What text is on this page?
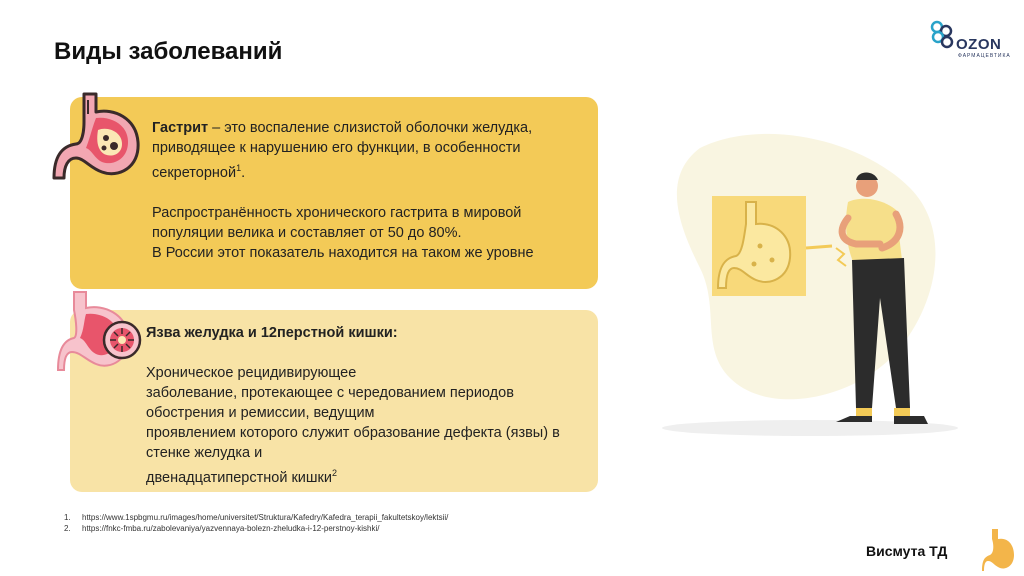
Виды заболеваний	OZON
ФАРМАЦЕВТИКА
Гастрит – это воспаление слизистой оболочки желудка, приводящее к нарушению его функции, в особенности секреторной$^1$.
Распространённость хронического гастрита в мировой популяции велика и составляет от 50 до 80%.
В России этот показатель находится на таком же уровне
Язва желудка и 12перстной кишки:
Хроническое рецидивирующее
заболевание, протекающее с чередованием периодов
обострения и ремиссии, ведущим
проявлением которого служит образование дефекта (язвы) в
стенке желудка и
двенадцатиперстной кишки$^2$
1. https://www.1spbgmu.ru/images/home/universitet/Struktura/Kafedry/Kafedra_terapii_fakultetskoy/lektsii/
2. https://fnkc-fmba.ru/zabolevaniya/yazvennaya-bolezn-zheludka-i-12-perstnoy-kishki/
Висмута ТД
